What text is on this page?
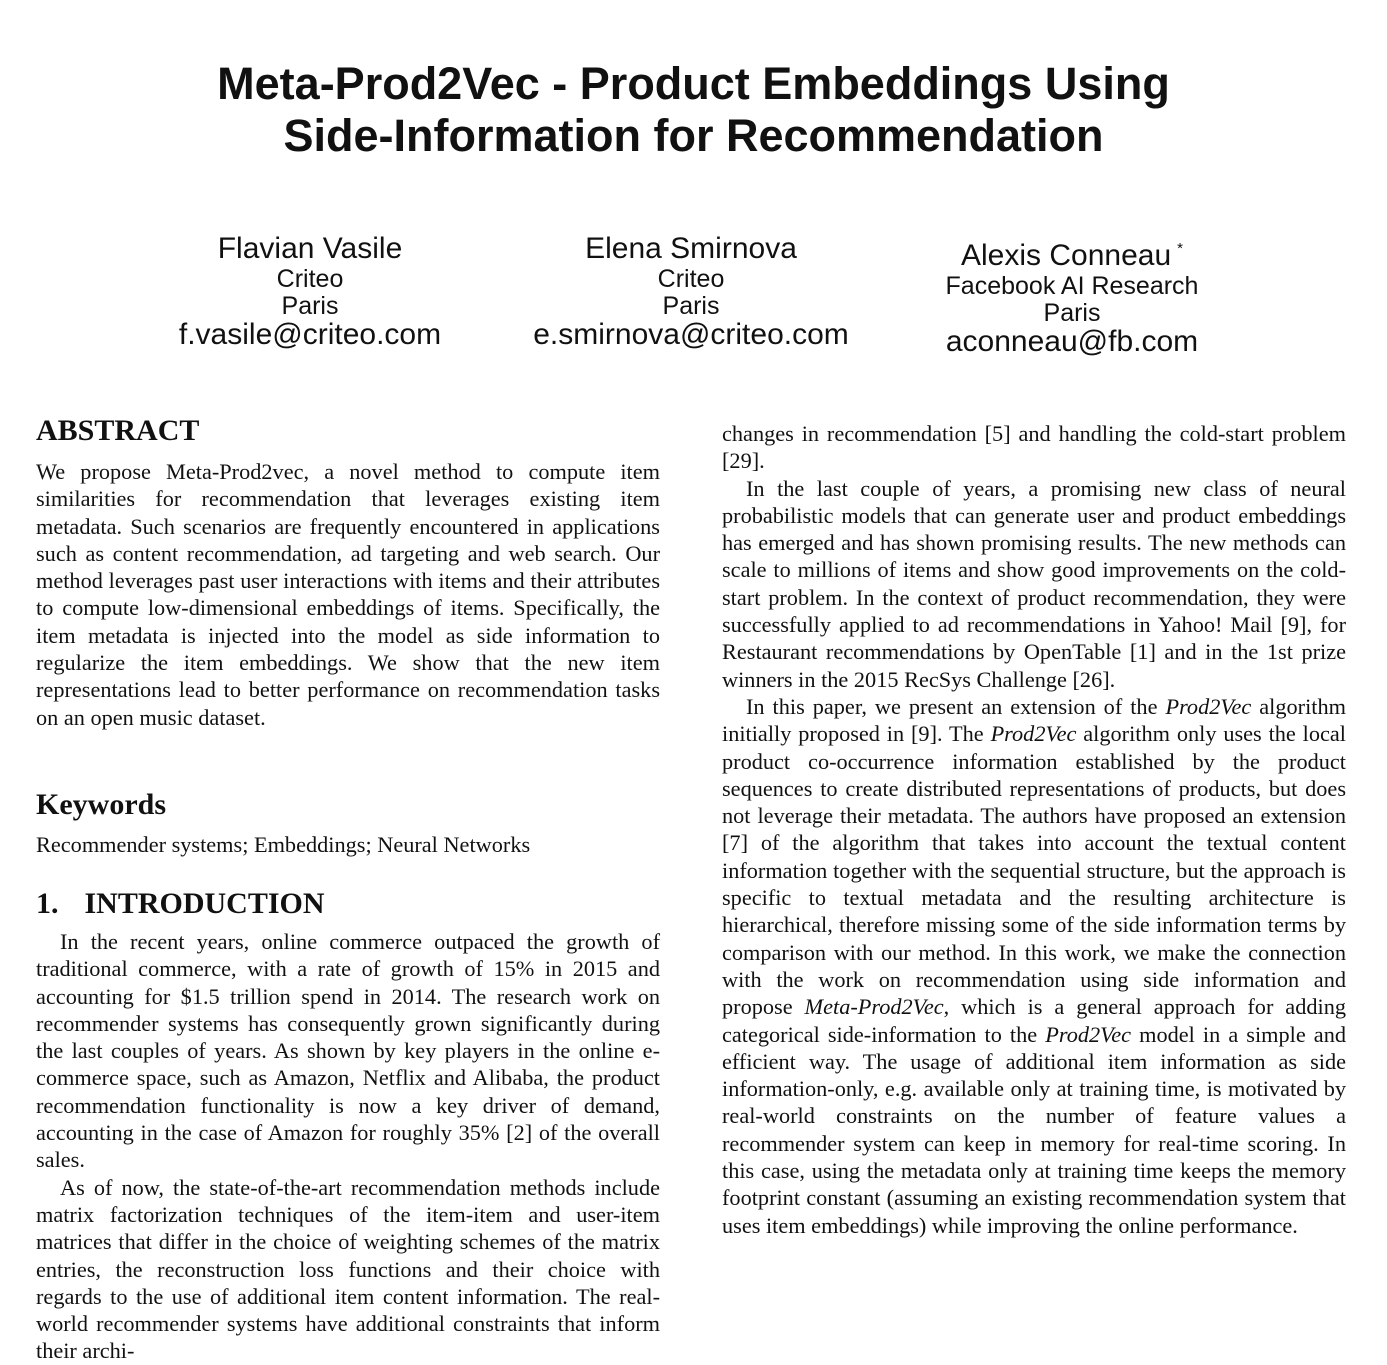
Meta-Prod2Vec - Product Embeddings Using
Side-Information for Recommendation
Flavian Vasile
Criteo
Paris
f.vasile@criteo.com
Elena Smirnova
Criteo
Paris
e.smirnova@criteo.com
Alexis Conneau *
Facebook AI Research
Paris
aconneau@fb.com
ABSTRACT

We propose Meta-Prod2vec, a novel method to compute item similarities for recommendation that leverages existing item metadata. Such scenarios are frequently encountered in applications such as content recommendation, ad targeting and web search. Our method leverages past user interactions with items and their attributes to compute low-dimensional embeddings of items. Specifically, the item metadata is injected into the model as side information to regularize the item embeddings. We show that the new item representations lead to better performance on recommendation tasks on an open music dataset.

Keywords

Recommender systems; Embeddings; Neural Networks

1. INTRODUCTION

In the recent years, online commerce outpaced the growth of traditional commerce, with a rate of growth of 15% in 2015 and accounting for $1.5 trillion spend in 2014. The research work on recommender systems has consequently grown significantly during the last couples of years. As shown by key players in the online e-commerce space, such as Amazon, Netflix and Alibaba, the product recommendation functionality is now a key driver of demand, accounting in the case of Amazon for roughly 35% [2] of the overall sales.

As of now, the state-of-the-art recommendation methods include matrix factorization techniques of the item-item and user-item matrices that differ in the choice of weighting schemes of the matrix entries, the reconstruction loss functions and their choice with regards to the use of additional item content information. The real-world recommender systems have additional constraints that inform their archi-

changes in recommendation [5] and handling the cold-start problem [29].

In the last couple of years, a promising new class of neural probabilistic models that can generate user and product embeddings has emerged and has shown promising results. The new methods can scale to millions of items and show good improvements on the cold-start problem. In the context of product recommendation, they were successfully applied to ad recommendations in Yahoo! Mail [9], for Restaurant recommendations by OpenTable [1] and in the 1st prize winners in the 2015 RecSys Challenge [26].

In this paper, we present an extension of the Prod2Vec algorithm initially proposed in [9]. The Prod2Vec algorithm only uses the local product co-occurrence information established by the product sequences to create distributed representations of products, but does not leverage their metadata. The authors have proposed an extension [7] of the algorithm that takes into account the textual content information together with the sequential structure, but the approach is specific to textual metadata and the resulting architecture is hierarchical, therefore missing some of the side information terms by comparison with our method. In this work, we make the connection with the work on recommendation using side information and propose Meta-Prod2Vec, which is a general approach for adding categorical side-information to the Prod2Vec model in a simple and efficient way. The usage of additional item information as side information-only, e.g. available only at training time, is motivated by real-world constraints on the number of feature values a recommender system can keep in memory for real-time scoring. In this case, using the metadata only at training time keeps the memory footprint constant (assuming an existing recommendation system that uses item embeddings) while improving the online performance.
